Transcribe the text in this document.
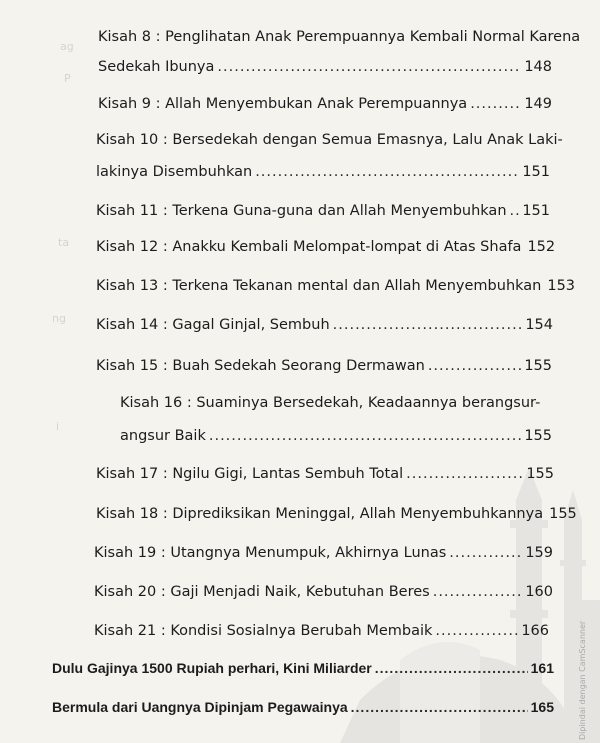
ag
P
ta
ng
i
Kisah 8 : Penglihatan Anak Perempuannya Kembali Normal Karena
Sedekah Ibunya .....	148
Kisah 9 : Allah Menyembukan Anak Perempuannya .....	149
Kisah 10 : Bersedekah dengan Semua Emasnya, Lalu Anak Laki-
lakinya Disembuhkan .....	151
Kisah 11 : Terkena Guna-guna dan Allah Menyembuhkan ..... 151
Kisah 12 : Anakku Kembali Melompat-lompat di Atas Shafa 152
Kisah 13 : Terkena Tekanan mental dan Allah Menyembuhkan 153
Kisah 14 : Gagal Ginjal, Sembuh .....	154
Kisah 15 : Buah Sedekah Seorang Dermawan .....	155
Kisah 16 : Suaminya Bersedekah, Keadaannya berangsur-
angsur Baik .....	155
Kisah 17 : Ngilu Gigi, Lantas Sembuh Total .....	155
Kisah 18 : Diprediksikan Meninggal, Allah Menyembuhkannya 155
Kisah 19 : Utangnya Menumpuk, Akhirnya Lunas .....	159
Kisah 20 : Gaji Menjadi Naik, Kebutuhan Beres .....	160
Kisah 21 : Kondisi Sosialnya Berubah Membaik .....	166
Dulu Gajinya 1500 Rupiah perhari, Kini Miliarder .....	161
Bermula dari Uangnya Dipinjam Pegawainya .....	165	Dipindai dengan CamScanner
